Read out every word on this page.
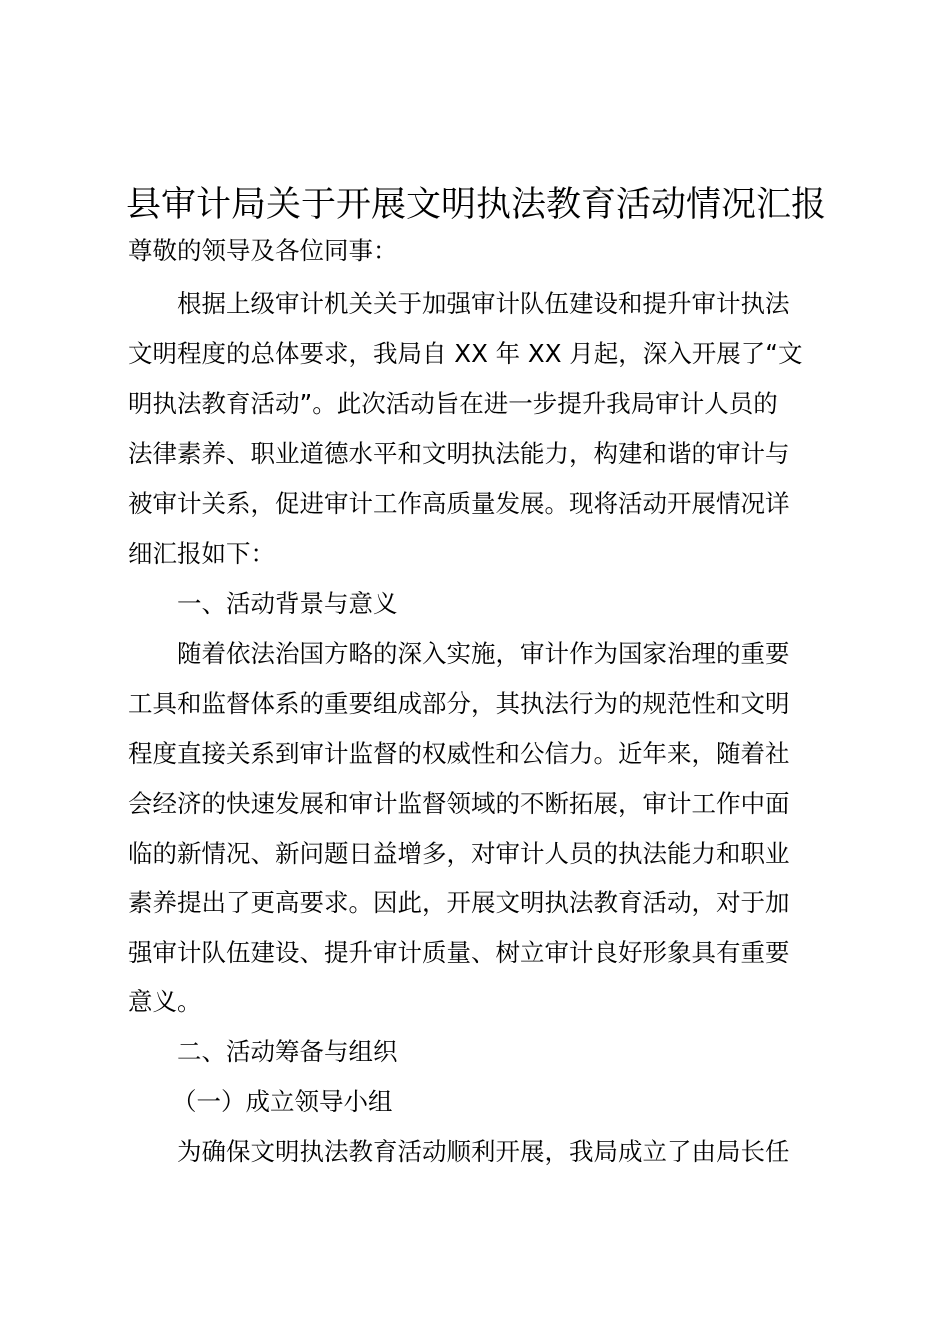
县审计局关于开展文明执法教育活动情况汇报
尊敬的领导及各位同事：
根据上级审计机关关于加强审计队伍建设和提升审计执法
文明程度的总体要求，我局自 XX 年 XX 月起，深入开展了“文
明执法教育活动”。此次活动旨在进一步提升我局审计人员的
法律素养、职业道德水平和文明执法能力，构建和谐的审计与
被审计关系，促进审计工作高质量发展。现将活动开展情况详
细汇报如下：
一、活动背景与意义
随着依法治国方略的深入实施，审计作为国家治理的重要
工具和监督体系的重要组成部分，其执法行为的规范性和文明
程度直接关系到审计监督的权威性和公信力。近年来，随着社
会经济的快速发展和审计监督领域的不断拓展，审计工作中面
临的新情况、新问题日益增多，对审计人员的执法能力和职业
素养提出了更高要求。因此，开展文明执法教育活动，对于加
强审计队伍建设、提升审计质量、树立审计良好形象具有重要
意义。
二、活动筹备与组织
（一）成立领导小组
为确保文明执法教育活动顺利开展，我局成立了由局长任
